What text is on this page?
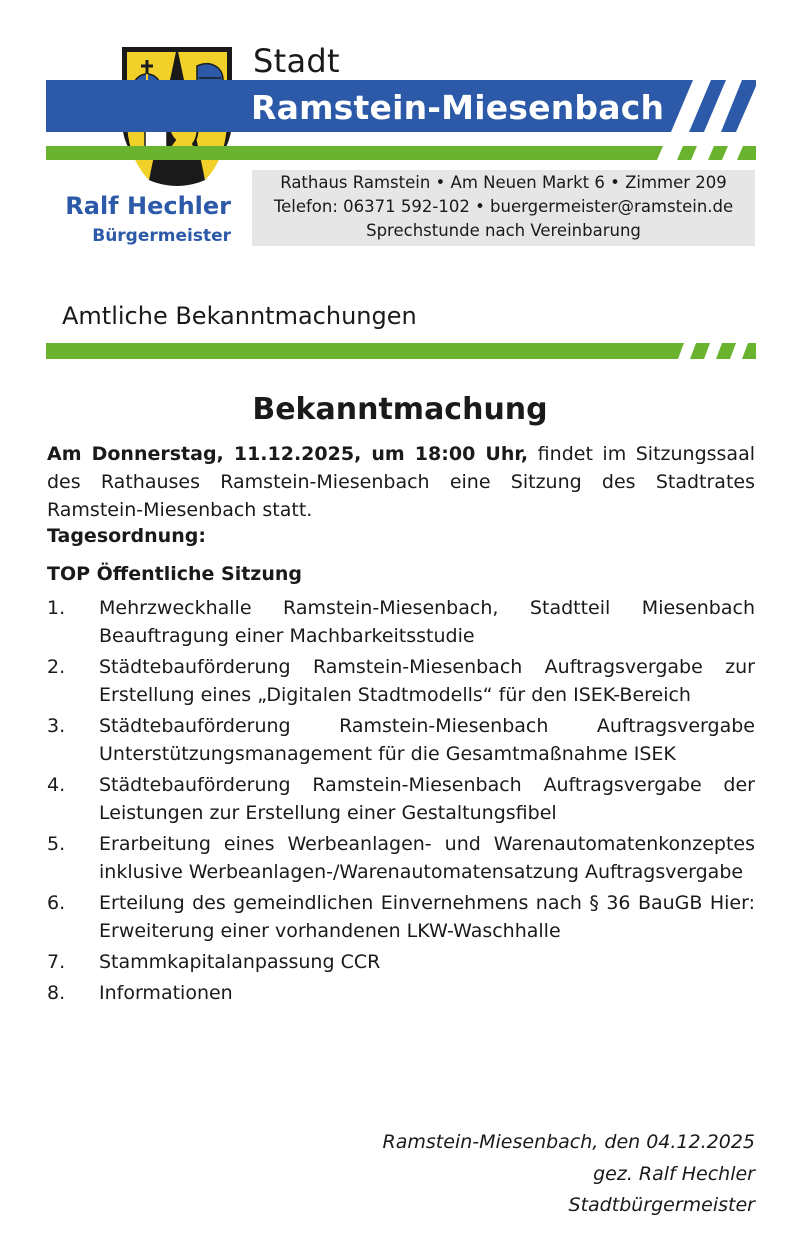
Stadt
Ramstein-Miesenbach
Ralf Hechler
Bürgermeister
Rathaus Ramstein • Am Neuen Markt 6 • Zimmer 209
Telefon: 06371 592-102 • buergermeister@ramstein.de
Sprechstunde nach Vereinbarung
Amtliche Bekanntmachungen
Bekanntmachung
Am Donnerstag, 11.12.2025, um 18:00 Uhr, findet im Sitzungssaal des Rathauses Ramstein-Miesenbach eine Sitzung des Stadtrates Ramstein-Miesenbach statt.
Tagesordnung:
TOP Öffentliche Sitzung
1.	Mehrzweckhalle Ramstein-Miesenbach, Stadtteil Miesenbach Beauftragung einer Machbarkeitsstudie
2.	Städtebauförderung Ramstein-Miesenbach Auftragsvergabe zur Erstellung eines „Digitalen Stadtmodells“ für den ISEK-Bereich
3.	Städtebauförderung Ramstein-Miesenbach Auftragsvergabe Unterstützungsmanagement für die Gesamtmaßnahme ISEK
4.	Städtebauförderung Ramstein-Miesenbach Auftragsvergabe der Leistungen zur Erstellung einer Gestaltungsfibel
5.	Erarbeitung eines Werbeanlagen- und Warenautomatenkonzeptes inklusive Werbeanlagen-/Warenautomatensatzung Auftragsvergabe
6.	Erteilung des gemeindlichen Einvernehmens nach § 36 BauGB Hier: Erweiterung einer vorhandenen LKW-Waschhalle
7.	Stammkapitalanpassung CCR
8.	Informationen
Ramstein-Miesenbach, den 04.12.2025
gez. Ralf Hechler
Stadtbürgermeister
